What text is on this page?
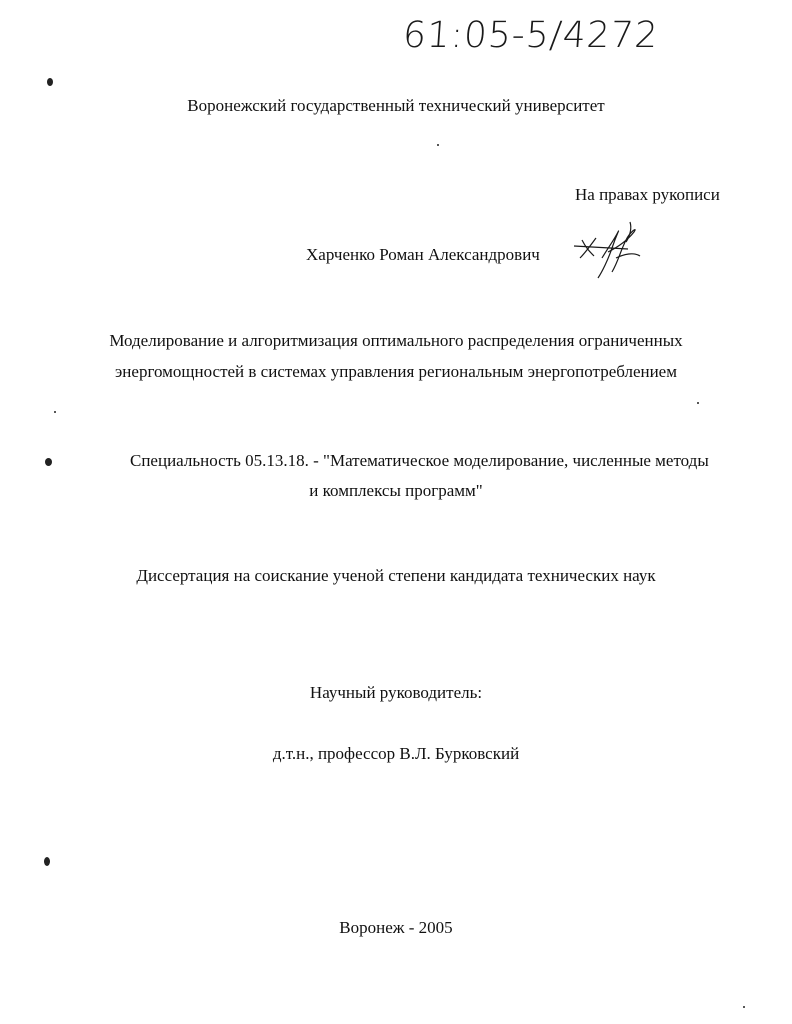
61:05-5/4272
Воронежский государственный технический университет
На правах рукописи
Харченко Роман Александрович
Моделирование и алгоритмизация оптимального распределения ограниченных
энергомощностей в системах управления региональным энергопотреблением
Специальность 05.13.18. - "Математическое моделирование, численные методы
и комплексы программ"
Диссертация на соискание ученой степени кандидата технических наук
Научный руководитель:
д.т.н., профессор В.Л. Бурковский
Воронеж - 2005
